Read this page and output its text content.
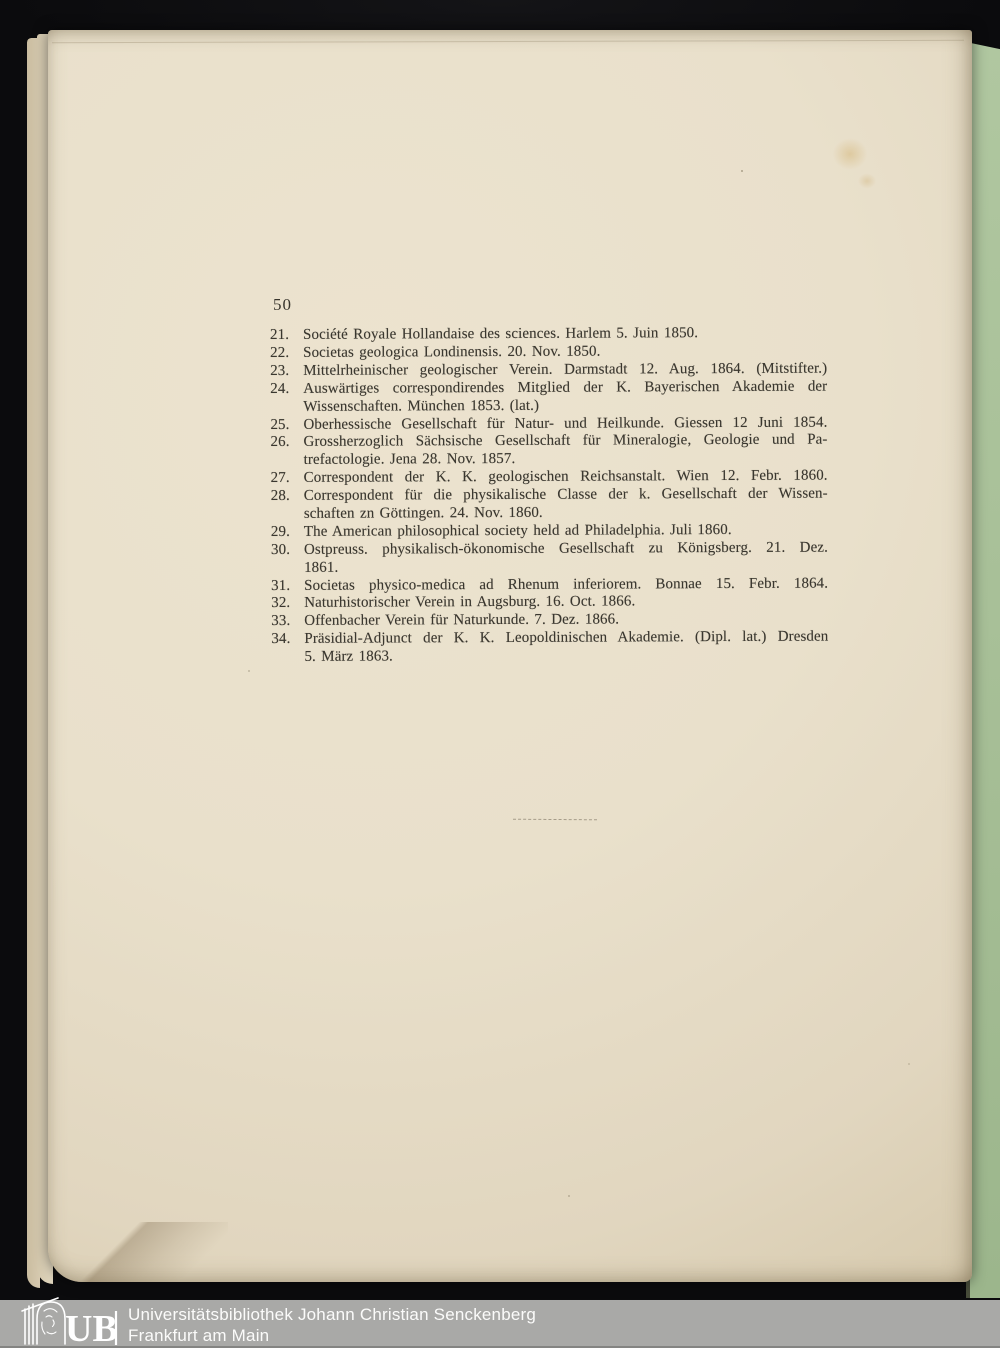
50
21. Société Royale Hollandaise des sciences. Harlem 5. Juin 1850.
22. Societas geologica Londinensis. 20. Nov. 1850.
23. Mittelrheinischer geologischer Verein. Darmstadt 12. Aug. 1864. (Mitstifter.)
24. Auswärtiges correspondirendes Mitglied der K. Bayerischen Akademie der
Wissenschaften. München 1853. (lat.)
25. Oberhessische Gesellschaft für Natur- und Heilkunde. Giessen 12 Juni 1854.
26. Grossherzoglich Sächsische Gesellschaft für Mineralogie, Geologie und Pa-
trefactologie. Jena 28. Nov. 1857.
27. Correspondent der K. K. geologischen Reichsanstalt. Wien 12. Febr. 1860.
28. Correspondent für die physikalische Classe der k. Gesellschaft der Wissen-
schaften zn Göttingen. 24. Nov. 1860.
29. The American philosophical society held ad Philadelphia. Juli 1860.
30. Ostpreuss. physikalisch-ökonomische Gesellschaft zu Königsberg. 21. Dez.
1861.
31. Societas physico-medica ad Rhenum inferiorem. Bonnae 15. Febr. 1864.
32. Naturhistorischer Verein in Augsburg. 16. Oct. 1866.
33. Offenbacher Verein für Naturkunde. 7. Dez. 1866.
34. Präsidial-Adjunct der K. K. Leopoldinischen Akademie. (Dipl. lat.) Dresden
5. März 1863.
UB Universitätsbibliothek Johann Christian Senckenberg
Frankfurt am Main
